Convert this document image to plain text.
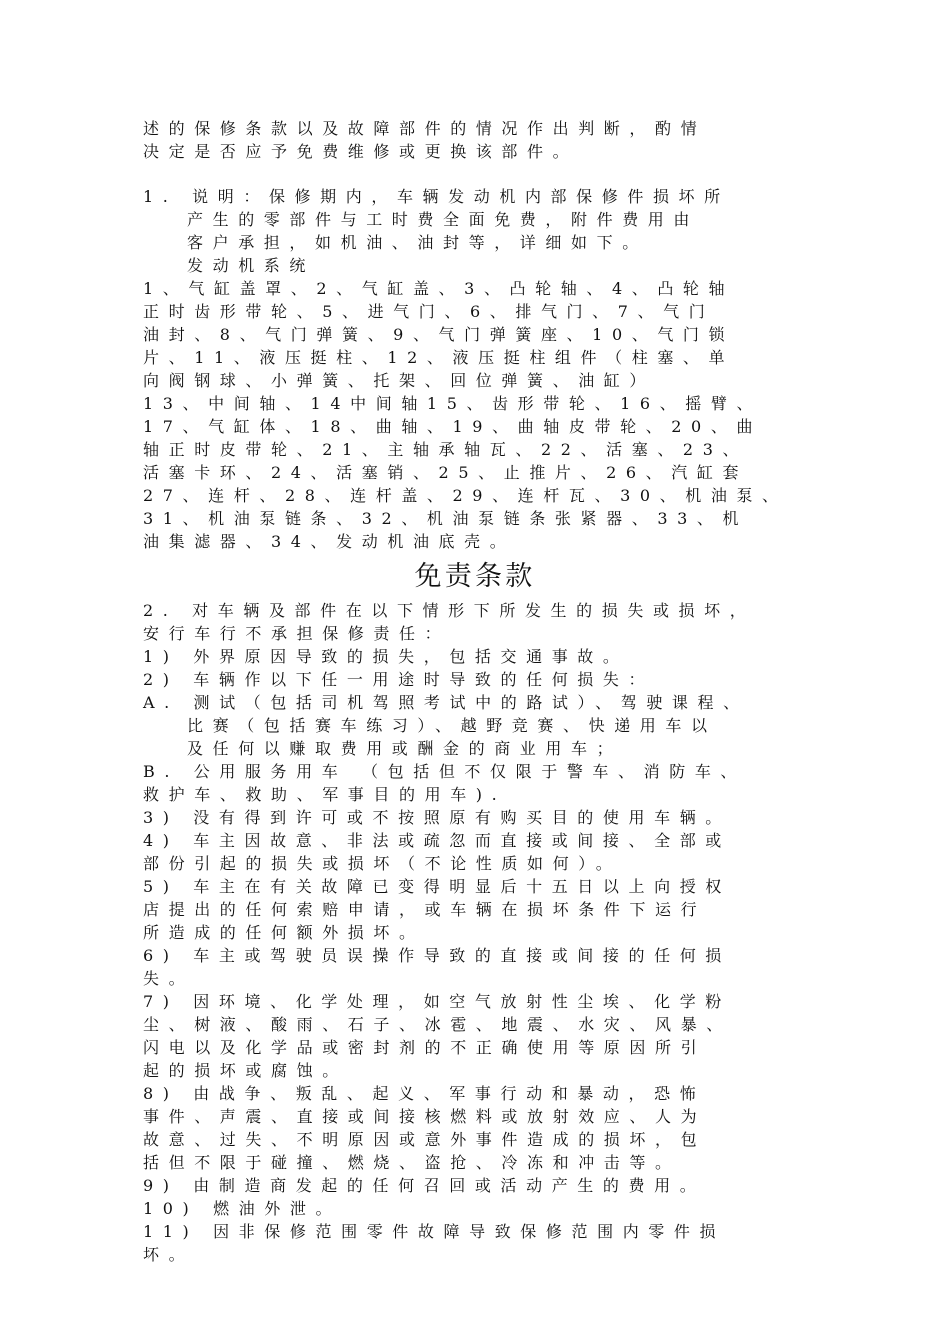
述的保修条款以及故障部件的情况作出判断，酌情
决定是否应予免费维修或更换该部件。
1. 说明：保修期内，车辆发动机内部保修件损坏所
产生的零部件与工时费全面免费，附件费用由
客户承担，如机油、油封等，详细如下。
发动机系统
1、气缸盖罩、2、气缸盖、3、凸轮轴、4、凸轮轴
正时齿形带轮、5、进气门、6、排气门、7、气门
油封、8、气门弹簧、9、气门弹簧座、10、气门锁
片、11、液压挺柱、12、液压挺柱组件（柱塞、单
向阀钢球、小弹簧、托架、回位弹簧、油缸）
13、中间轴、14中间轴15、齿形带轮、16、摇臂、
17、气缸体、18、曲轴、19、曲轴皮带轮、20、曲
轴正时皮带轮、21、主轴承轴瓦、22、活塞、23、
活塞卡环、24、活塞销、25、止推片、26、汽缸套
27、连杆、28、连杆盖、29、连杆瓦、30、机油泵、
31、机油泵链条、32、机油泵链条张紧器、33、机
油集滤器、34、发动机油底壳。
免责条款
2. 对车辆及部件在以下情形下所发生的损失或损坏，
安行车行不承担保修责任：
1) 外界原因导致的损失，包括交通事故。
2) 车辆作以下任一用途时导致的任何损失：
A. 测试（包括司机驾照考试中的路试）、驾驶课程、
比赛（包括赛车练习）、越野竞赛、快递用车以
及任何以赚取费用或酬金的商业用车；
B. 公用服务用车 （包括但不仅限于警车、消防车、
救护车、救助、军事目的用车).
3) 没有得到许可或不按照原有购买目的使用车辆。
4) 车主因故意、非法或疏忽而直接或间接、全部或
部份引起的损失或损坏（不论性质如何）。
5) 车主在有关故障已变得明显后十五日以上向授权
店提出的任何索赔申请，或车辆在损坏条件下运行
所造成的任何额外损坏。
6) 车主或驾驶员误操作导致的直接或间接的任何损
失。
7) 因环境、化学处理，如空气放射性尘埃、化学粉
尘、树液、酸雨、石子、冰雹、地震、水灾、风暴、
闪电以及化学品或密封剂的不正确使用等原因所引
起的损坏或腐蚀。
8) 由战争、叛乱、起义、军事行动和暴动，恐怖
事件、声震、直接或间接核燃料或放射效应、人为
故意、过失、不明原因或意外事件造成的损坏，包
括但不限于碰撞、燃烧、盗抢、冷冻和冲击等。
9) 由制造商发起的任何召回或活动产生的费用。
10) 燃油外泄。
11) 因非保修范围零件故障导致保修范围内零件损
坏。
